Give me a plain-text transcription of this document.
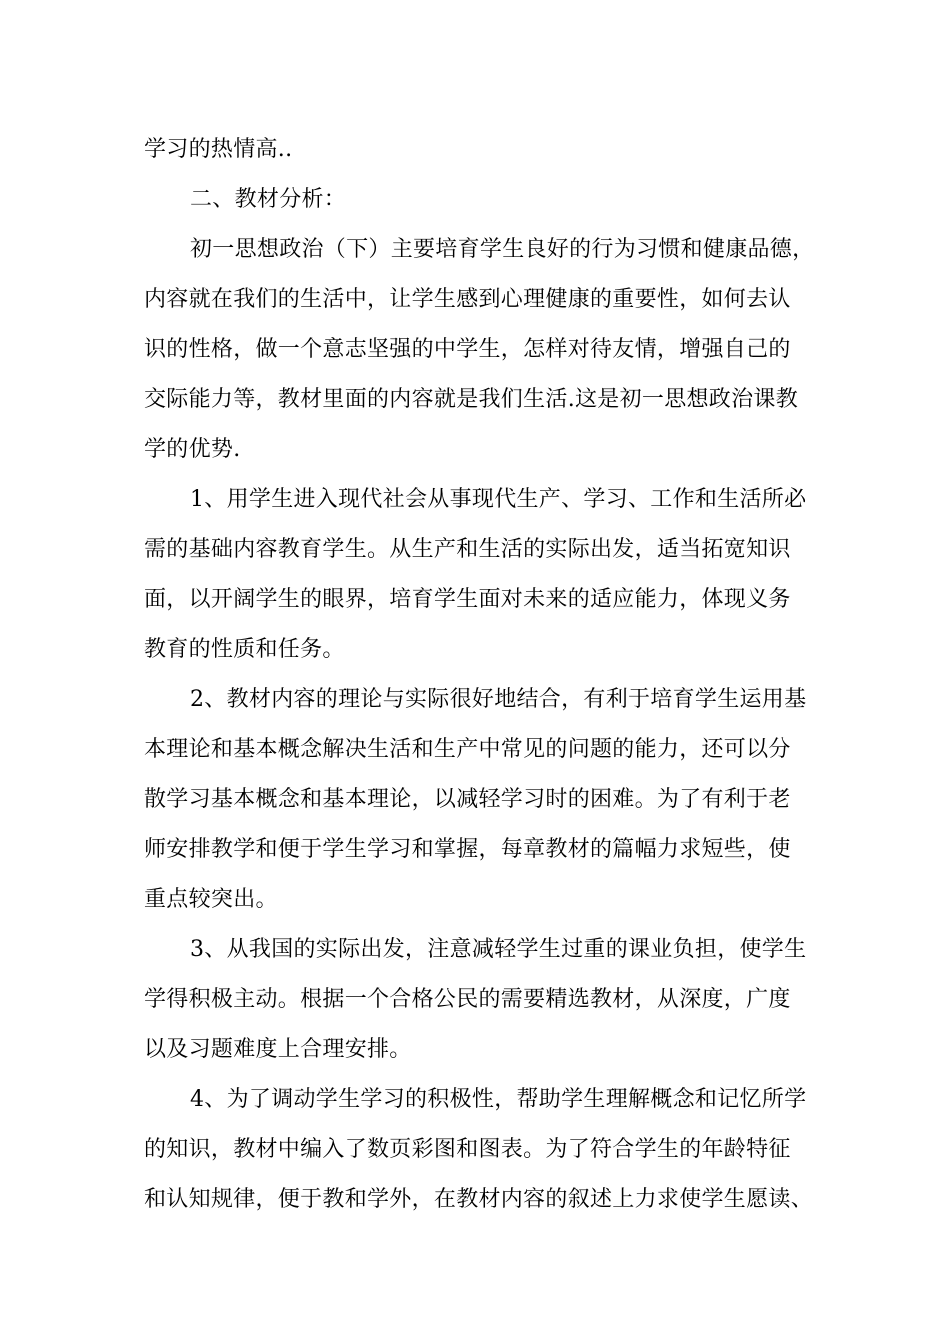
学习的热情高..
二、教材分析：
初一思想政治（下）主要培育学生良好的行为习惯和健康品德，
内容就在我们的生活中，让学生感到心理健康的重要性，如何去认
识的性格，做一个意志坚强的中学生，怎样对待友情，增强自己的
交际能力等，教材里面的内容就是我们生活.这是初一思想政治课教
学的优势.
1、用学生进入现代社会从事现代生产、学习、工作和生活所必
需的基础内容教育学生。从生产和生活的实际出发，适当拓宽知识
面，以开阔学生的眼界，培育学生面对未来的适应能力，体现义务
教育的性质和任务。
2、教材内容的理论与实际很好地结合，有利于培育学生运用基
本理论和基本概念解决生活和生产中常见的问题的能力，还可以分
散学习基本概念和基本理论，以减轻学习时的困难。为了有利于老
师安排教学和便于学生学习和掌握，每章教材的篇幅力求短些，使
重点较突出。
3、从我国的实际出发，注意减轻学生过重的课业负担，使学生
学得积极主动。根据一个合格公民的需要精选教材，从深度，广度
以及习题难度上合理安排。
4、为了调动学生学习的积极性，帮助学生理解概念和记忆所学
的知识，教材中编入了数页彩图和图表。为了符合学生的年龄特征
和认知规律，便于教和学外，在教材内容的叙述上力求使学生愿读、
